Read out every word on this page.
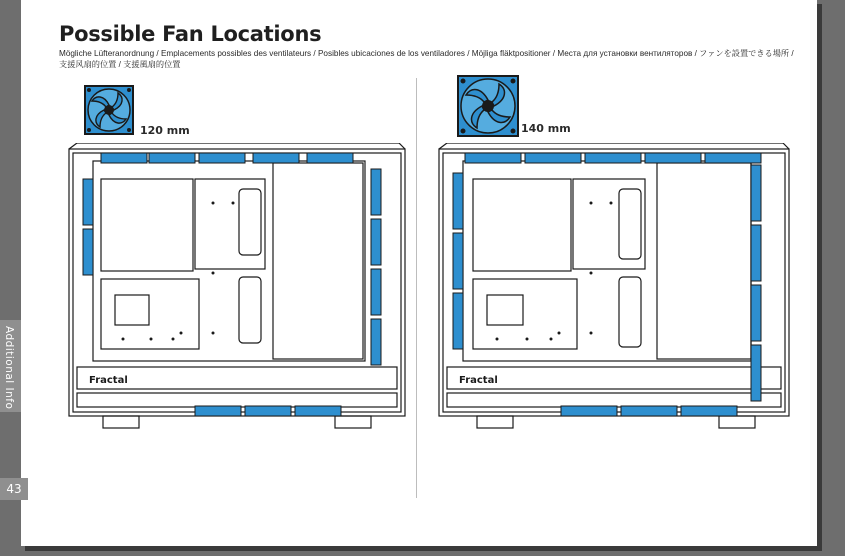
Possible Fan Locations
Mögliche Lüfteranordnung / Emplacements possibles des ventilateurs / Posibles ubicaciones de los ventiladores / Möjliga fläktpositioner / Места для установки вентиляторов / ファンを設置できる場所 / 支援风扇的位置 / 支援風扇的位置
120 mm	140 mm
Fractal	Fractal
Additional Info
43
